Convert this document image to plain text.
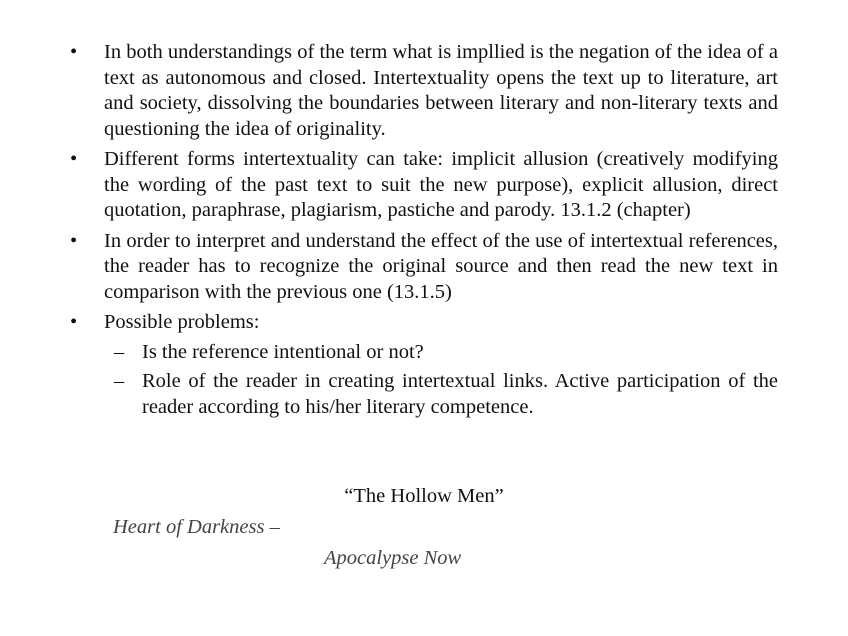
•	In both understandings of the term what is impllied is the negation of the idea of a text as autonomous and closed. Intertextuality opens the text up to literature, art and society, dissolving the boundaries between literary and non-literary texts and questioning the idea of originality.
•	Different forms intertextuality can take: implicit allusion (creatively modifying the wording of the past text to suit the new purpose), explicit allusion, direct quotation, paraphrase, plagiarism, pastiche and parody. 13.1.2 (chapter)
•	In order to interpret and understand the effect of the use of intertextual references, the reader has to recognize the original source and then read the new text in comparison with the previous one (13.1.5)
•	Possible problems:
– Is the reference intentional or not?
– Role of the reader in creating intertextual links. Active participation of the reader according to his/her literary competence.
“The Hollow Men”
Heart of Darkness –
Apocalypse Now
